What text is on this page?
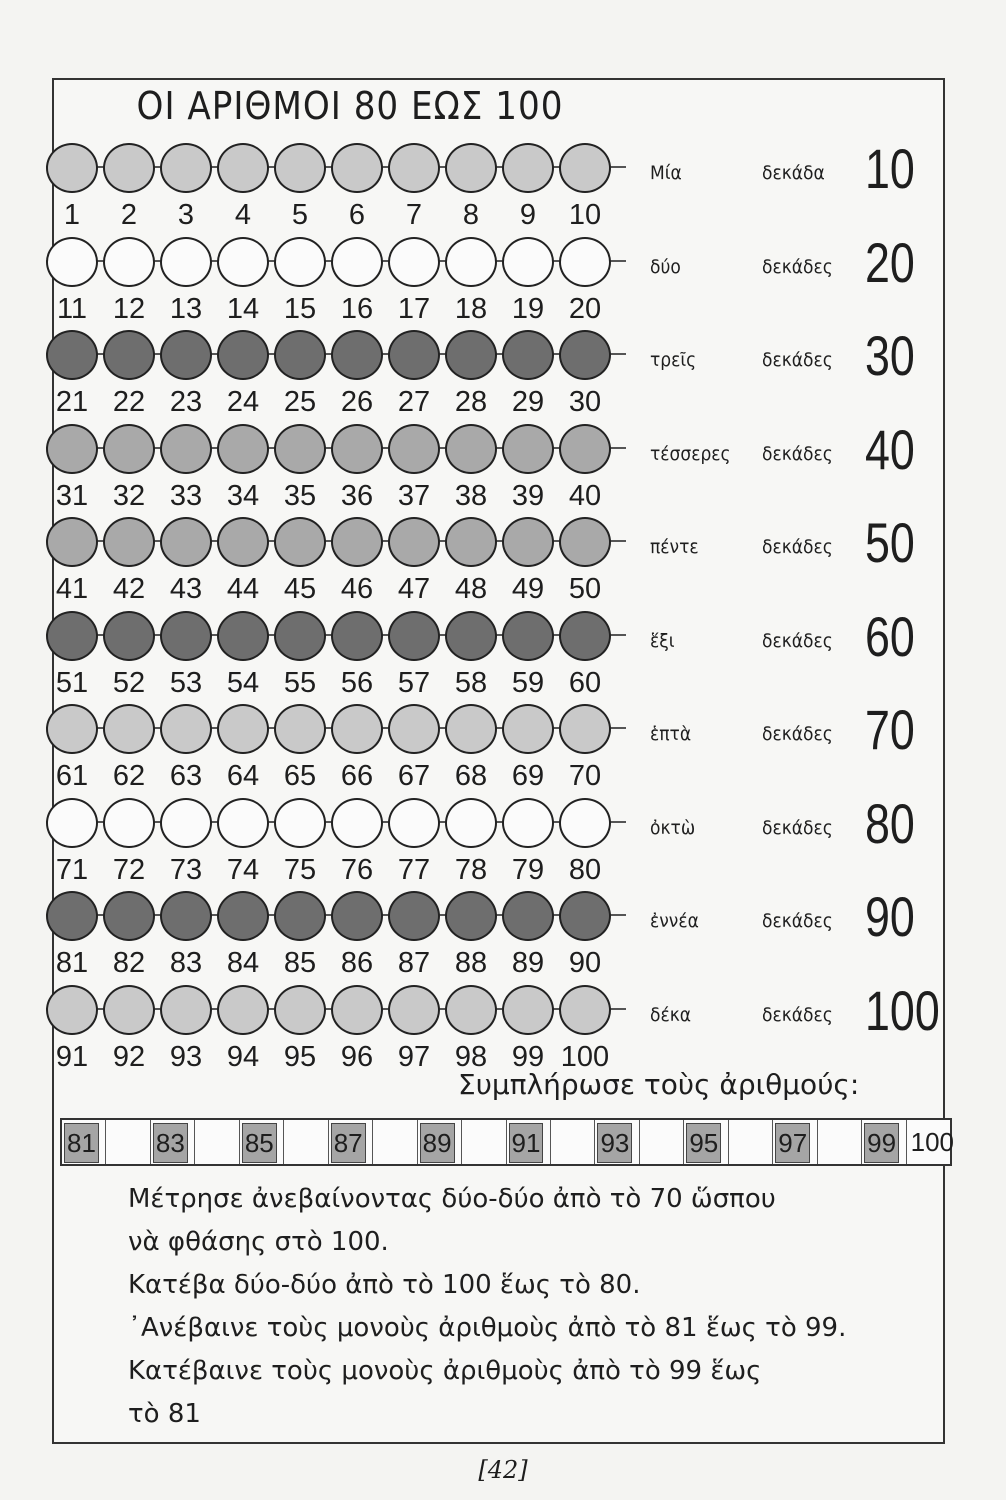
ΟΙ ΑΡΙΘΜΟΙ 80 ΕΩΣ 100
1	2	3	4	5	6	7	8	9	10
Μία	δεκάδα 10
11 12 13 14 15 16 17 18 19 20
δύο	δεκάδες 20
21 22 23 24 25 26 27 28 29 30
τρεῖς	δεκάδες 30
31 32 33 34 35 36 37 38 39 40
τέσσερες δεκάδες 40
41 42 43 44 45 46 47 48 49 50
πέντε	δεκάδες 50
51 52 53 54 55 56 57 58 59 60
ἕξι	δεκάδες 60
61 62 63 64 65 66 67 68 69 70
ἑπτὰ	δεκάδες 70
71 72 73 74 75 76 77 78 79 80
ὀκτὼ	δεκάδες 80
81 82 83 84 85 86 87 88 89 90
ἐννέα	δεκάδες 90
91 92 93 94 95 96 97 98 99 100
δέκα	δεκάδες 100
Συμπλήρωσε τοὺς ἀριθμούς:
81 83 85 87 89 91 93 95 97 99 100

Μέτρησε ἀνεβαίνοντας δύο-δύο ἀπὸ τὸ 70 ὥσπου

νὰ φθάσης στὸ 100.

Κατέβα δύο-δύο ἀπὸ τὸ 100 ἕως τὸ 80.

᾿Ανέβαινε τοὺς μονοὺς ἀριθμοὺς ἀπὸ τὸ 81 ἕως τὸ 99.

Κατέβαινε τοὺς μονοὺς ἀριθμοὺς ἀπὸ τὸ 99 ἕως

τὸ 81

[42]
